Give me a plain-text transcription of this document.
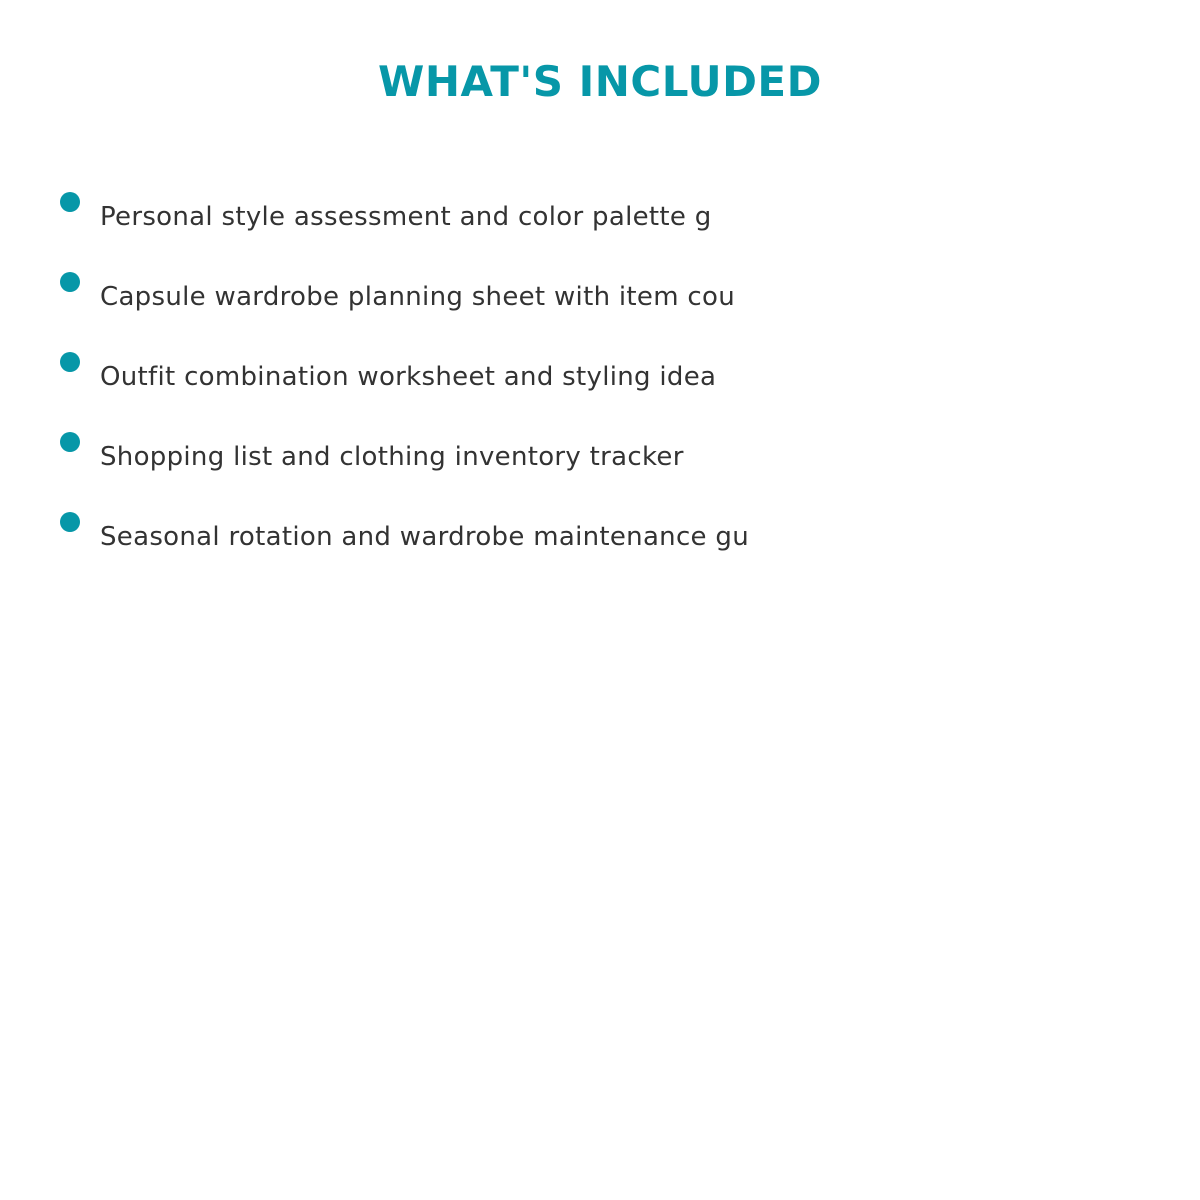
WHAT'S INCLUDED
Personal style assessment and color palette g
Capsule wardrobe planning sheet with item cou
Outfit combination worksheet and styling idea
Shopping list and clothing inventory tracker
Seasonal rotation and wardrobe maintenance gu
